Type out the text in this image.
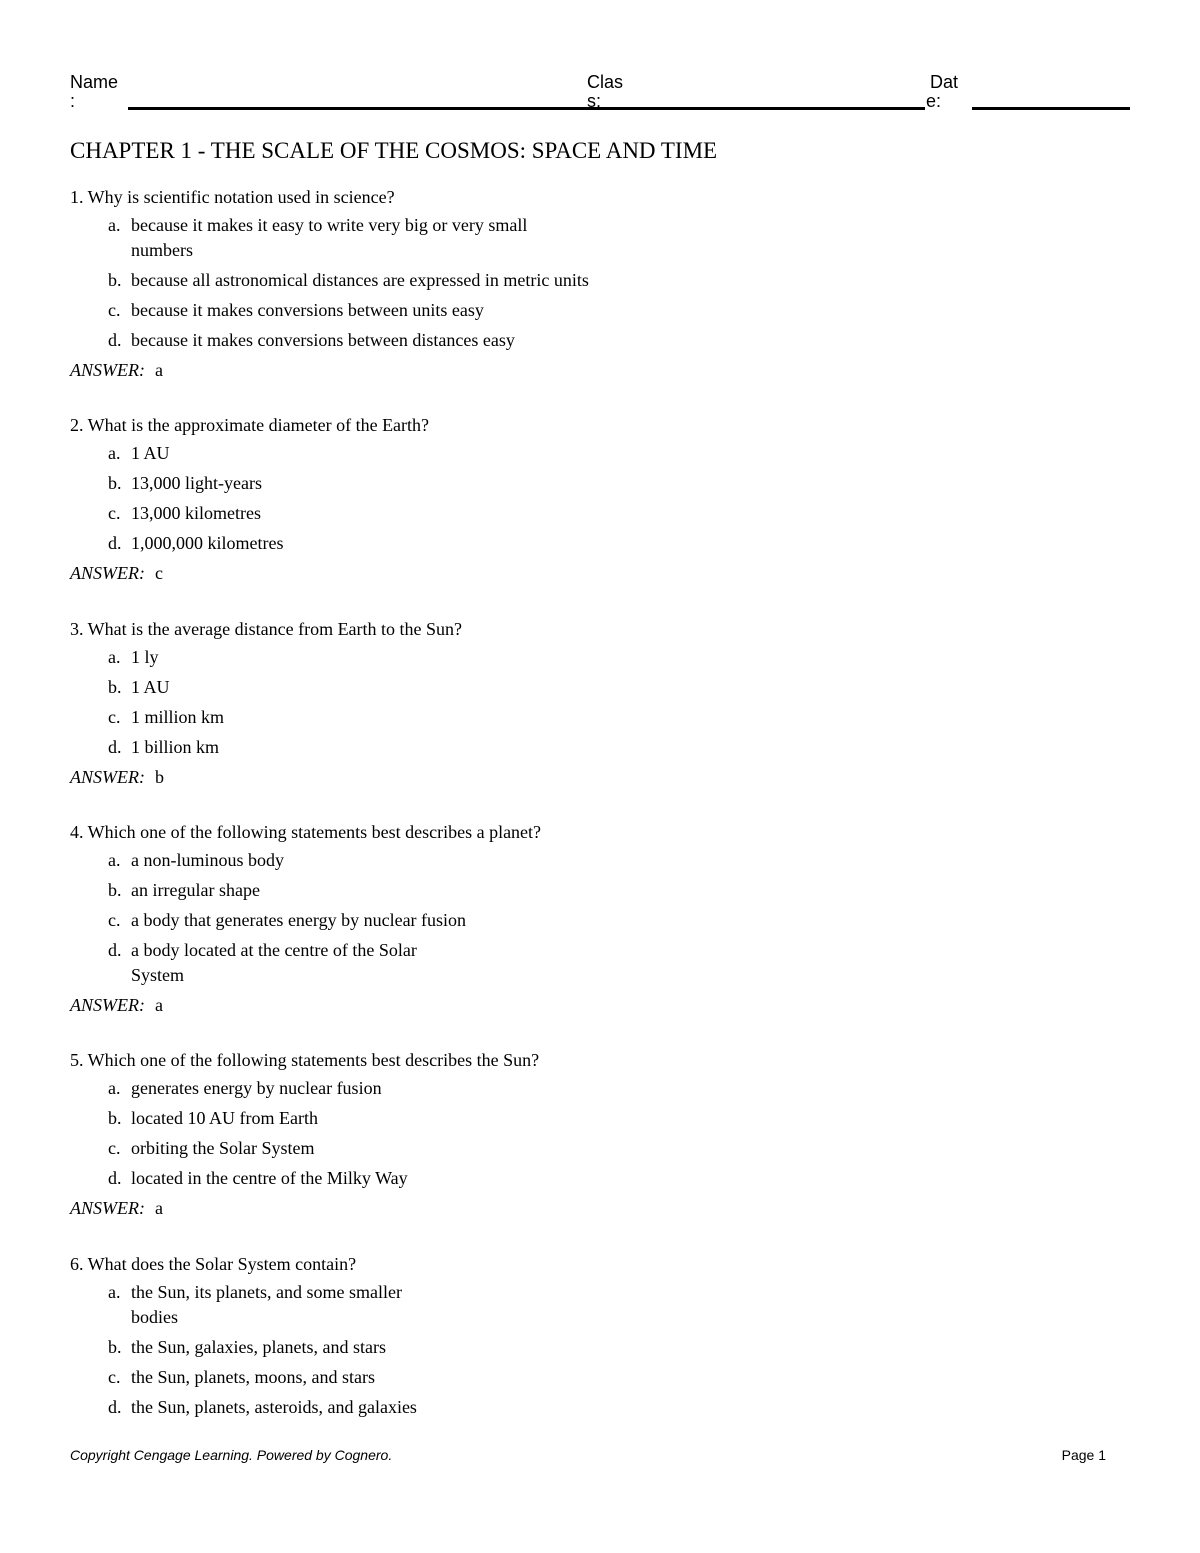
Name
:
Clas
s:
Dat
e:
CHAPTER 1 - THE SCALE OF THE COSMOS: SPACE AND TIME
1. Why is scientific notation used in science?
a. because it makes it easy to write very big or very small
numbers
b. because all astronomical distances are expressed in metric units
c. because it makes conversions between units easy
d. because it makes conversions between distances easy
ANSWER: a
2. What is the approximate diameter of the Earth?
a. 1 AU
b. 13,000 light-years
c. 13,000 kilometres
d. 1,000,000 kilometres
ANSWER: c
3. What is the average distance from Earth to the Sun?
a. 1 ly
b. 1 AU
c. 1 million km
d. 1 billion km
ANSWER: b
4. Which one of the following statements best describes a planet?
a. a non-luminous body
b. an irregular shape
c. a body that generates energy by nuclear fusion
d. a body located at the centre of the Solar
System
ANSWER: a
5. Which one of the following statements best describes the Sun?
a. generates energy by nuclear fusion
b. located 10 AU from Earth
c. orbiting the Solar System
d. located in the centre of the Milky Way
ANSWER: a
6. What does the Solar System contain?
a. the Sun, its planets, and some smaller
bodies
b. the Sun, galaxies, planets, and stars
c. the Sun, planets, moons, and stars
d. the Sun, planets, asteroids, and galaxies
Copyright Cengage Learning. Powered by Cognero.	Page 1
